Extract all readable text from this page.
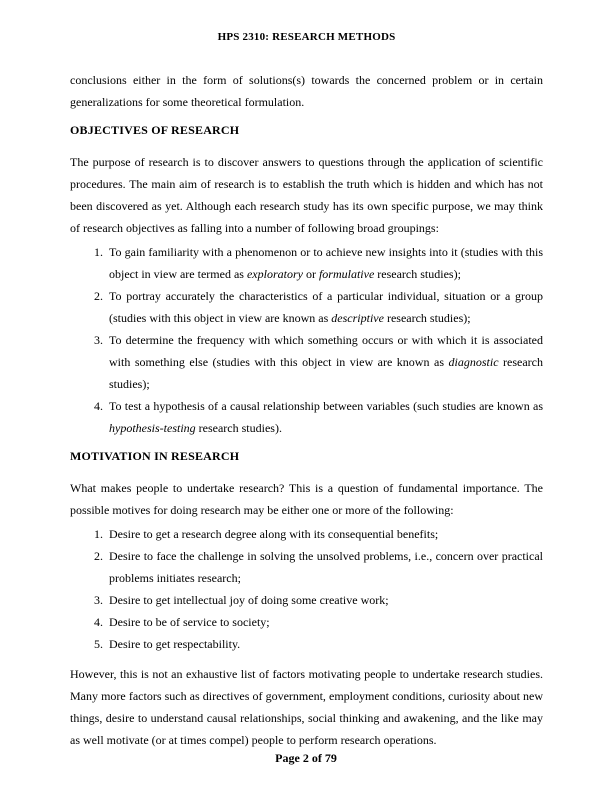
HPS 2310: RESEARCH METHODS

conclusions either in the form of solutions(s) towards the concerned problem or in certain generalizations for some theoretical formulation.

OBJECTIVES OF RESEARCH

The purpose of research is to discover answers to questions through the application of scientific procedures. The main aim of research is to establish the truth which is hidden and which has not been discovered as yet. Although each research study has its own specific purpose, we may think of research objectives as falling into a number of following broad groupings:

1. To gain familiarity with a phenomenon or to achieve new insights into it (studies with this object in view are termed as exploratory or formulative research studies);
2. To portray accurately the characteristics of a particular individual, situation or a group (studies with this object in view are known as descriptive research studies);
3. To determine the frequency with which something occurs or with which it is associated with something else (studies with this object in view are known as diagnostic research studies);
4. To test a hypothesis of a causal relationship between variables (such studies are known as hypothesis-testing research studies).
MOTIVATION IN RESEARCH

What makes people to undertake research? This is a question of fundamental importance. The possible motives for doing research may be either one or more of the following:

1. Desire to get a research degree along with its consequential benefits;
2. Desire to face the challenge in solving the unsolved problems, i.e., concern over practical problems initiates research;
3. Desire to get intellectual joy of doing some creative work;
4. Desire to be of service to society;
5. Desire to get respectability.

However, this is not an exhaustive list of factors motivating people to undertake research studies. Many more factors such as directives of government, employment conditions, curiosity about new things, desire to understand causal relationships, social thinking and awakening, and the like may as well motivate (or at times compel) people to perform research operations.

Page 2 of 79
